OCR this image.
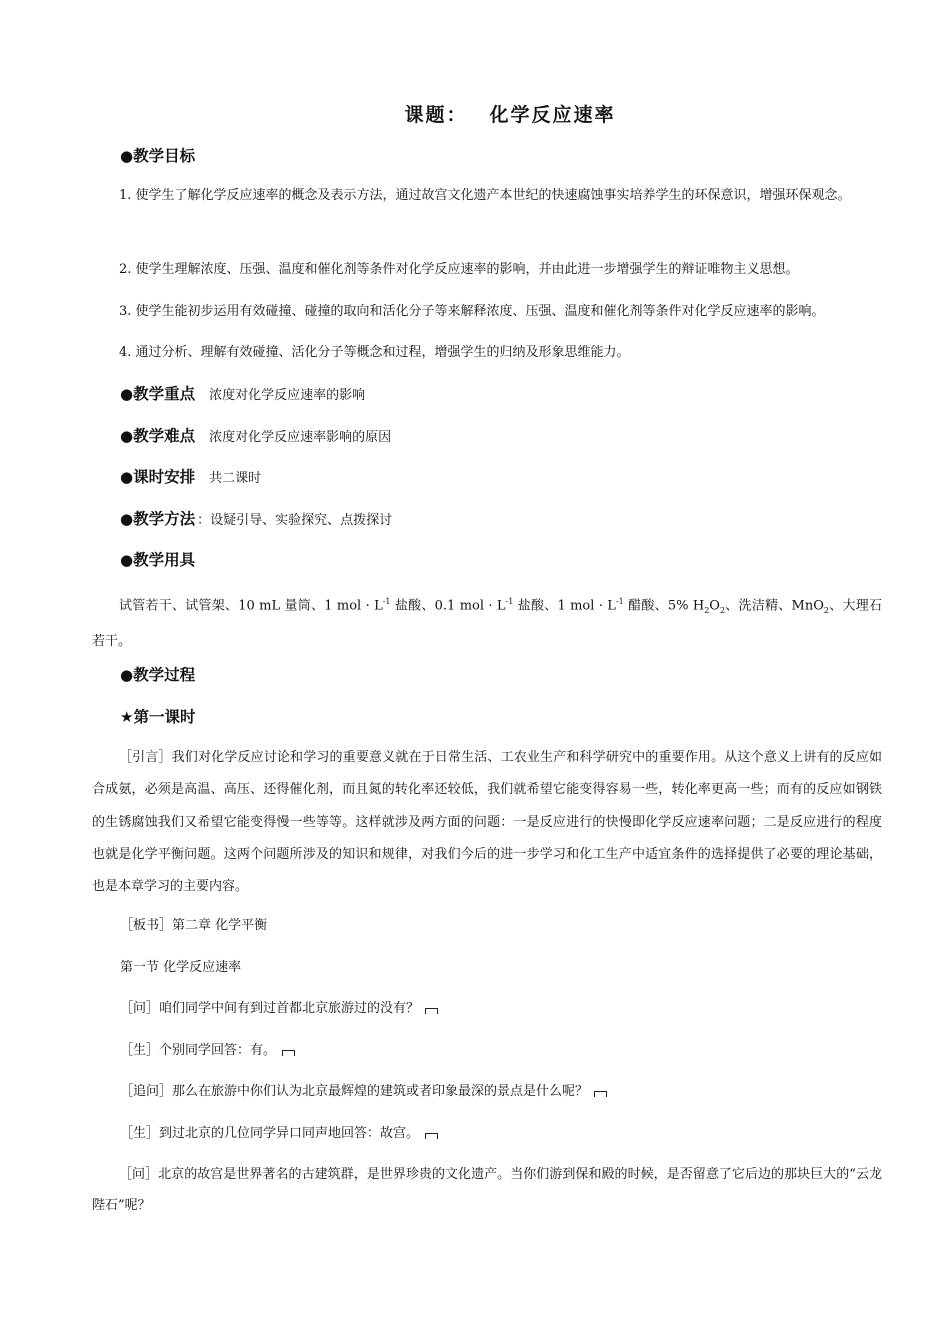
课题： 化学反应速率
●教学目标

1. 使学生了解化学反应速率的概念及表示方法，通过故宫文化遗产本世纪的快速腐蚀事实培养学生的环保意识，增强环保观念。

2. 使学生理解浓度、压强、温度和催化剂等条件对化学反应速率的影响，并由此进一步增强学生的辩证唯物主义思想。

3. 使学生能初步运用有效碰撞、碰撞的取向和活化分子等来解释浓度、压强、温度和催化剂等条件对化学反应速率的影响。

4. 通过分析、理解有效碰撞、活化分子等概念和过程，增强学生的归纳及形象思维能力。

●教学重点 浓度对化学反应速率的影响
●教学难点 浓度对化学反应速率影响的原因
●课时安排 共二课时
●教学方法 ：设疑引导、实验探究、点拨探讨
●教学用具

试管若干、试管架、10 mL 量筒、1 mol · $L^{-1}$ 盐酸、0.1 mol · $L^{-1}$ 盐酸、1 mol · $L^{-1}$ 醋酸、5% $H_2O_2$、洗洁精、MnO$_2$、大理石若干。

●教学过程
★第一课时

［引言］我们对化学反应讨论和学习的重要意义就在于日常生活、工农业生产和科学研究中的重要作用。从这个意义上讲有的反应如合成氨，必须是高温、高压、还得催化剂，而且氮的转化率还较低，我们就希望它能变得容易一些，转化率更高一些；而有的反应如钢铁的生锈腐蚀我们又希望它能变得慢一些等等。这样就涉及两方面的问题：一是反应进行的快慢即化学反应速率问题；二是反应进行的程度也就是化学平衡问题。这两个问题所涉及的知识和规律，对我们今后的进一步学习和化工生产中适宜条件的选择提供了必要的理论基础，也是本章学习的主要内容。

［板书］第二章 化学平衡
第一节 化学反应速率
［问］咱们同学中间有到过首都北京旅游过的没有？
［生］个别同学回答：有。
［追问］那么在旅游中你们认为北京最辉煌的建筑或者印象最深的景点是什么呢？
［生］到过北京的几位同学异口同声地回答：故宫。

［问］北京的故宫是世界著名的古建筑群，是世界珍贵的文化遗产。当你们游到保和殿的时候，是否留意了它后边的那块巨大的“云龙陛石”呢？
